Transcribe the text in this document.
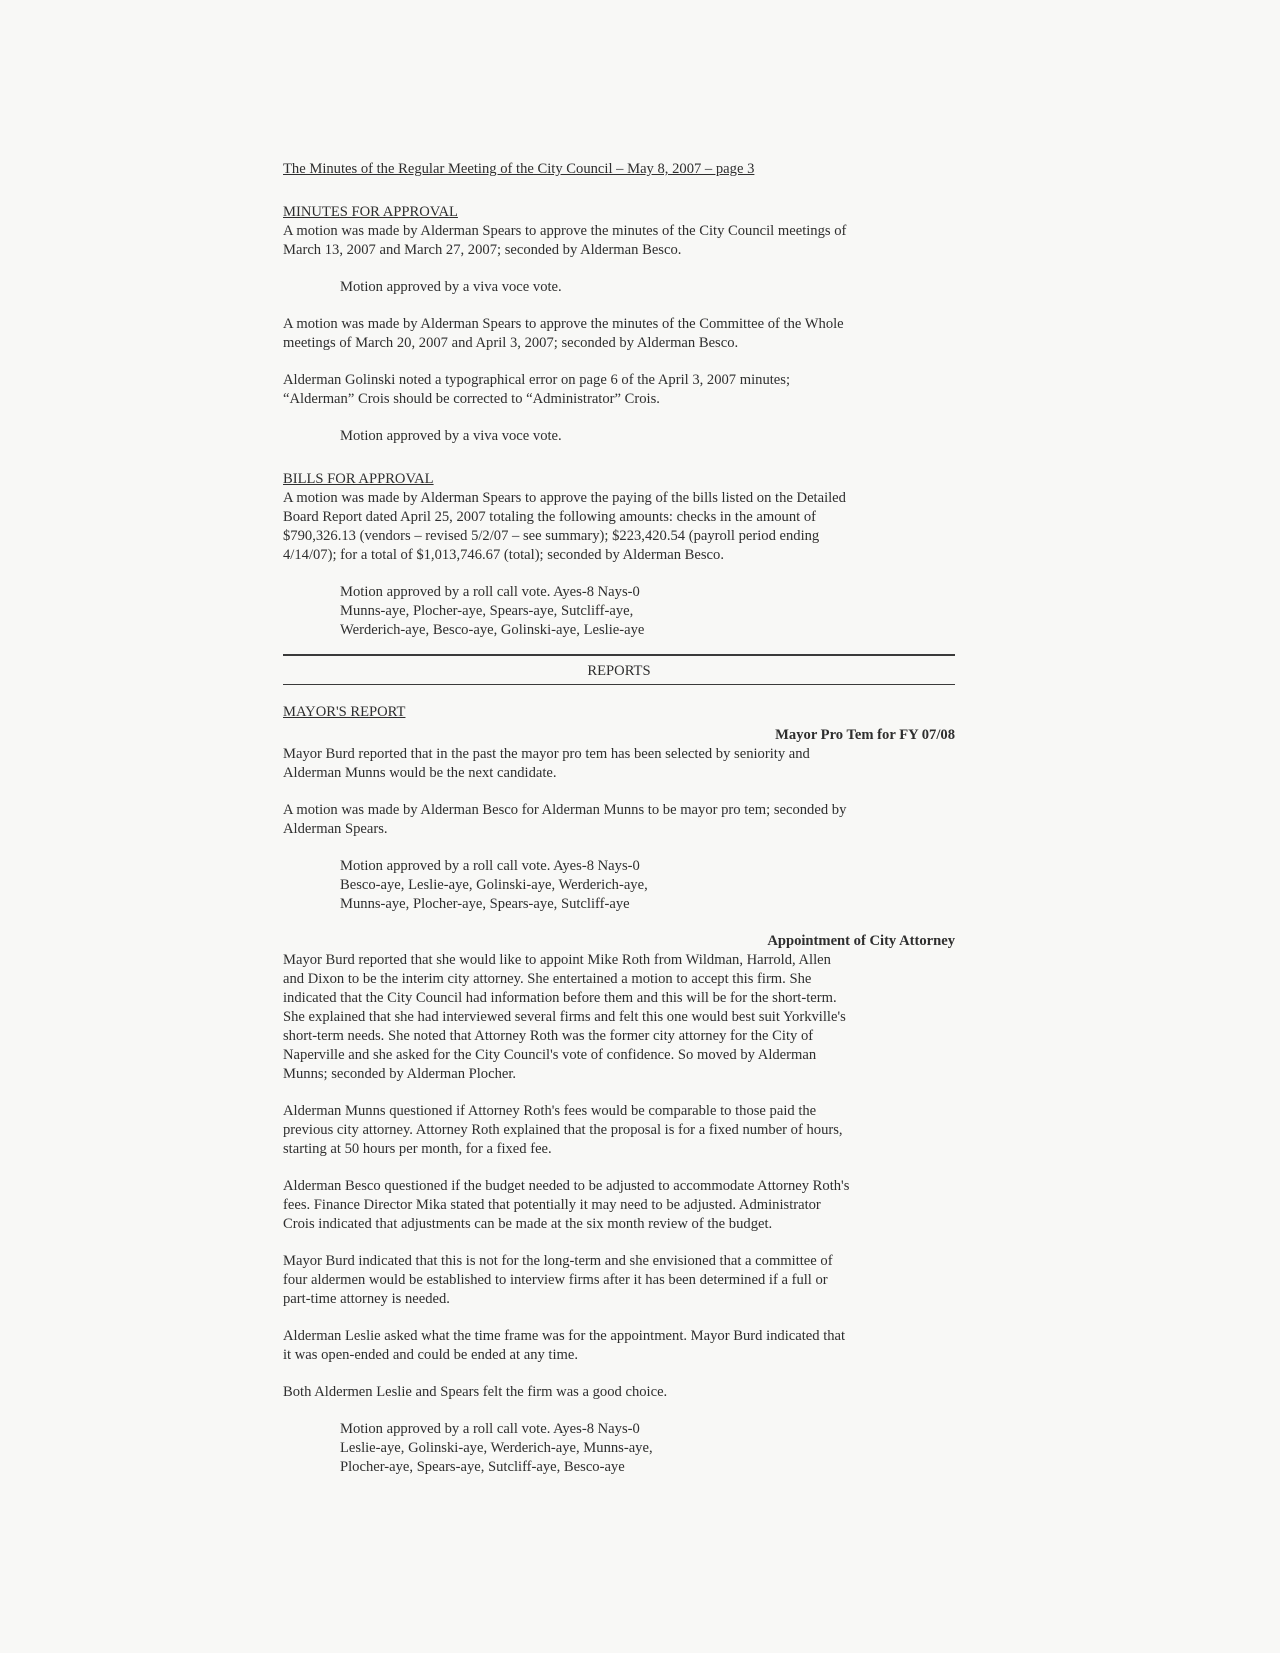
The Minutes of the Regular Meeting of the City Council – May 8, 2007 – page 3

MINUTES FOR APPROVAL

A motion was made by Alderman Spears to approve the minutes of the City Council meetings of

March 13, 2007 and March 27, 2007; seconded by Alderman Besco.

Motion approved by a viva voce vote.

A motion was made by Alderman Spears to approve the minutes of the Committee of the Whole

meetings of March 20, 2007 and April 3, 2007; seconded by Alderman Besco.

Alderman Golinski noted a typographical error on page 6 of the April 3, 2007 minutes;

“Alderman” Crois should be corrected to “Administrator” Crois.

Motion approved by a viva voce vote.

BILLS FOR APPROVAL

A motion was made by Alderman Spears to approve the paying of the bills listed on the Detailed

Board Report dated April 25, 2007 totaling the following amounts: checks in the amount of

$790,326.13 (vendors – revised 5/2/07 – see summary); $223,420.54 (payroll period ending

4/14/07); for a total of $1,013,746.67 (total); seconded by Alderman Besco.

Motion approved by a roll call vote. Ayes-8 Nays-0

Munns-aye, Plocher-aye, Spears-aye, Sutcliff-aye,

Werderich-aye, Besco-aye, Golinski-aye, Leslie-aye

REPORTS

MAYOR'S REPORT

Mayor Pro Tem for FY 07/08

Mayor Burd reported that in the past the mayor pro tem has been selected by seniority and

Alderman Munns would be the next candidate.

A motion was made by Alderman Besco for Alderman Munns to be mayor pro tem; seconded by

Alderman Spears.

Motion approved by a roll call vote. Ayes-8 Nays-0

Besco-aye, Leslie-aye, Golinski-aye, Werderich-aye,

Munns-aye, Plocher-aye, Spears-aye, Sutcliff-aye

Appointment of City Attorney

Mayor Burd reported that she would like to appoint Mike Roth from Wildman, Harrold, Allen

and Dixon to be the interim city attorney. She entertained a motion to accept this firm. She

indicated that the City Council had information before them and this will be for the short-term.

She explained that she had interviewed several firms and felt this one would best suit Yorkville's

short-term needs. She noted that Attorney Roth was the former city attorney for the City of

Naperville and she asked for the City Council's vote of confidence. So moved by Alderman

Munns; seconded by Alderman Plocher.

Alderman Munns questioned if Attorney Roth's fees would be comparable to those paid the

previous city attorney. Attorney Roth explained that the proposal is for a fixed number of hours,

starting at 50 hours per month, for a fixed fee.

Alderman Besco questioned if the budget needed to be adjusted to accommodate Attorney Roth's

fees. Finance Director Mika stated that potentially it may need to be adjusted. Administrator

Crois indicated that adjustments can be made at the six month review of the budget.

Mayor Burd indicated that this is not for the long-term and she envisioned that a committee of

four aldermen would be established to interview firms after it has been determined if a full or

part-time attorney is needed.

Alderman Leslie asked what the time frame was for the appointment. Mayor Burd indicated that

it was open-ended and could be ended at any time.

Both Aldermen Leslie and Spears felt the firm was a good choice.

Motion approved by a roll call vote. Ayes-8 Nays-0

Leslie-aye, Golinski-aye, Werderich-aye, Munns-aye,

Plocher-aye, Spears-aye, Sutcliff-aye, Besco-aye
